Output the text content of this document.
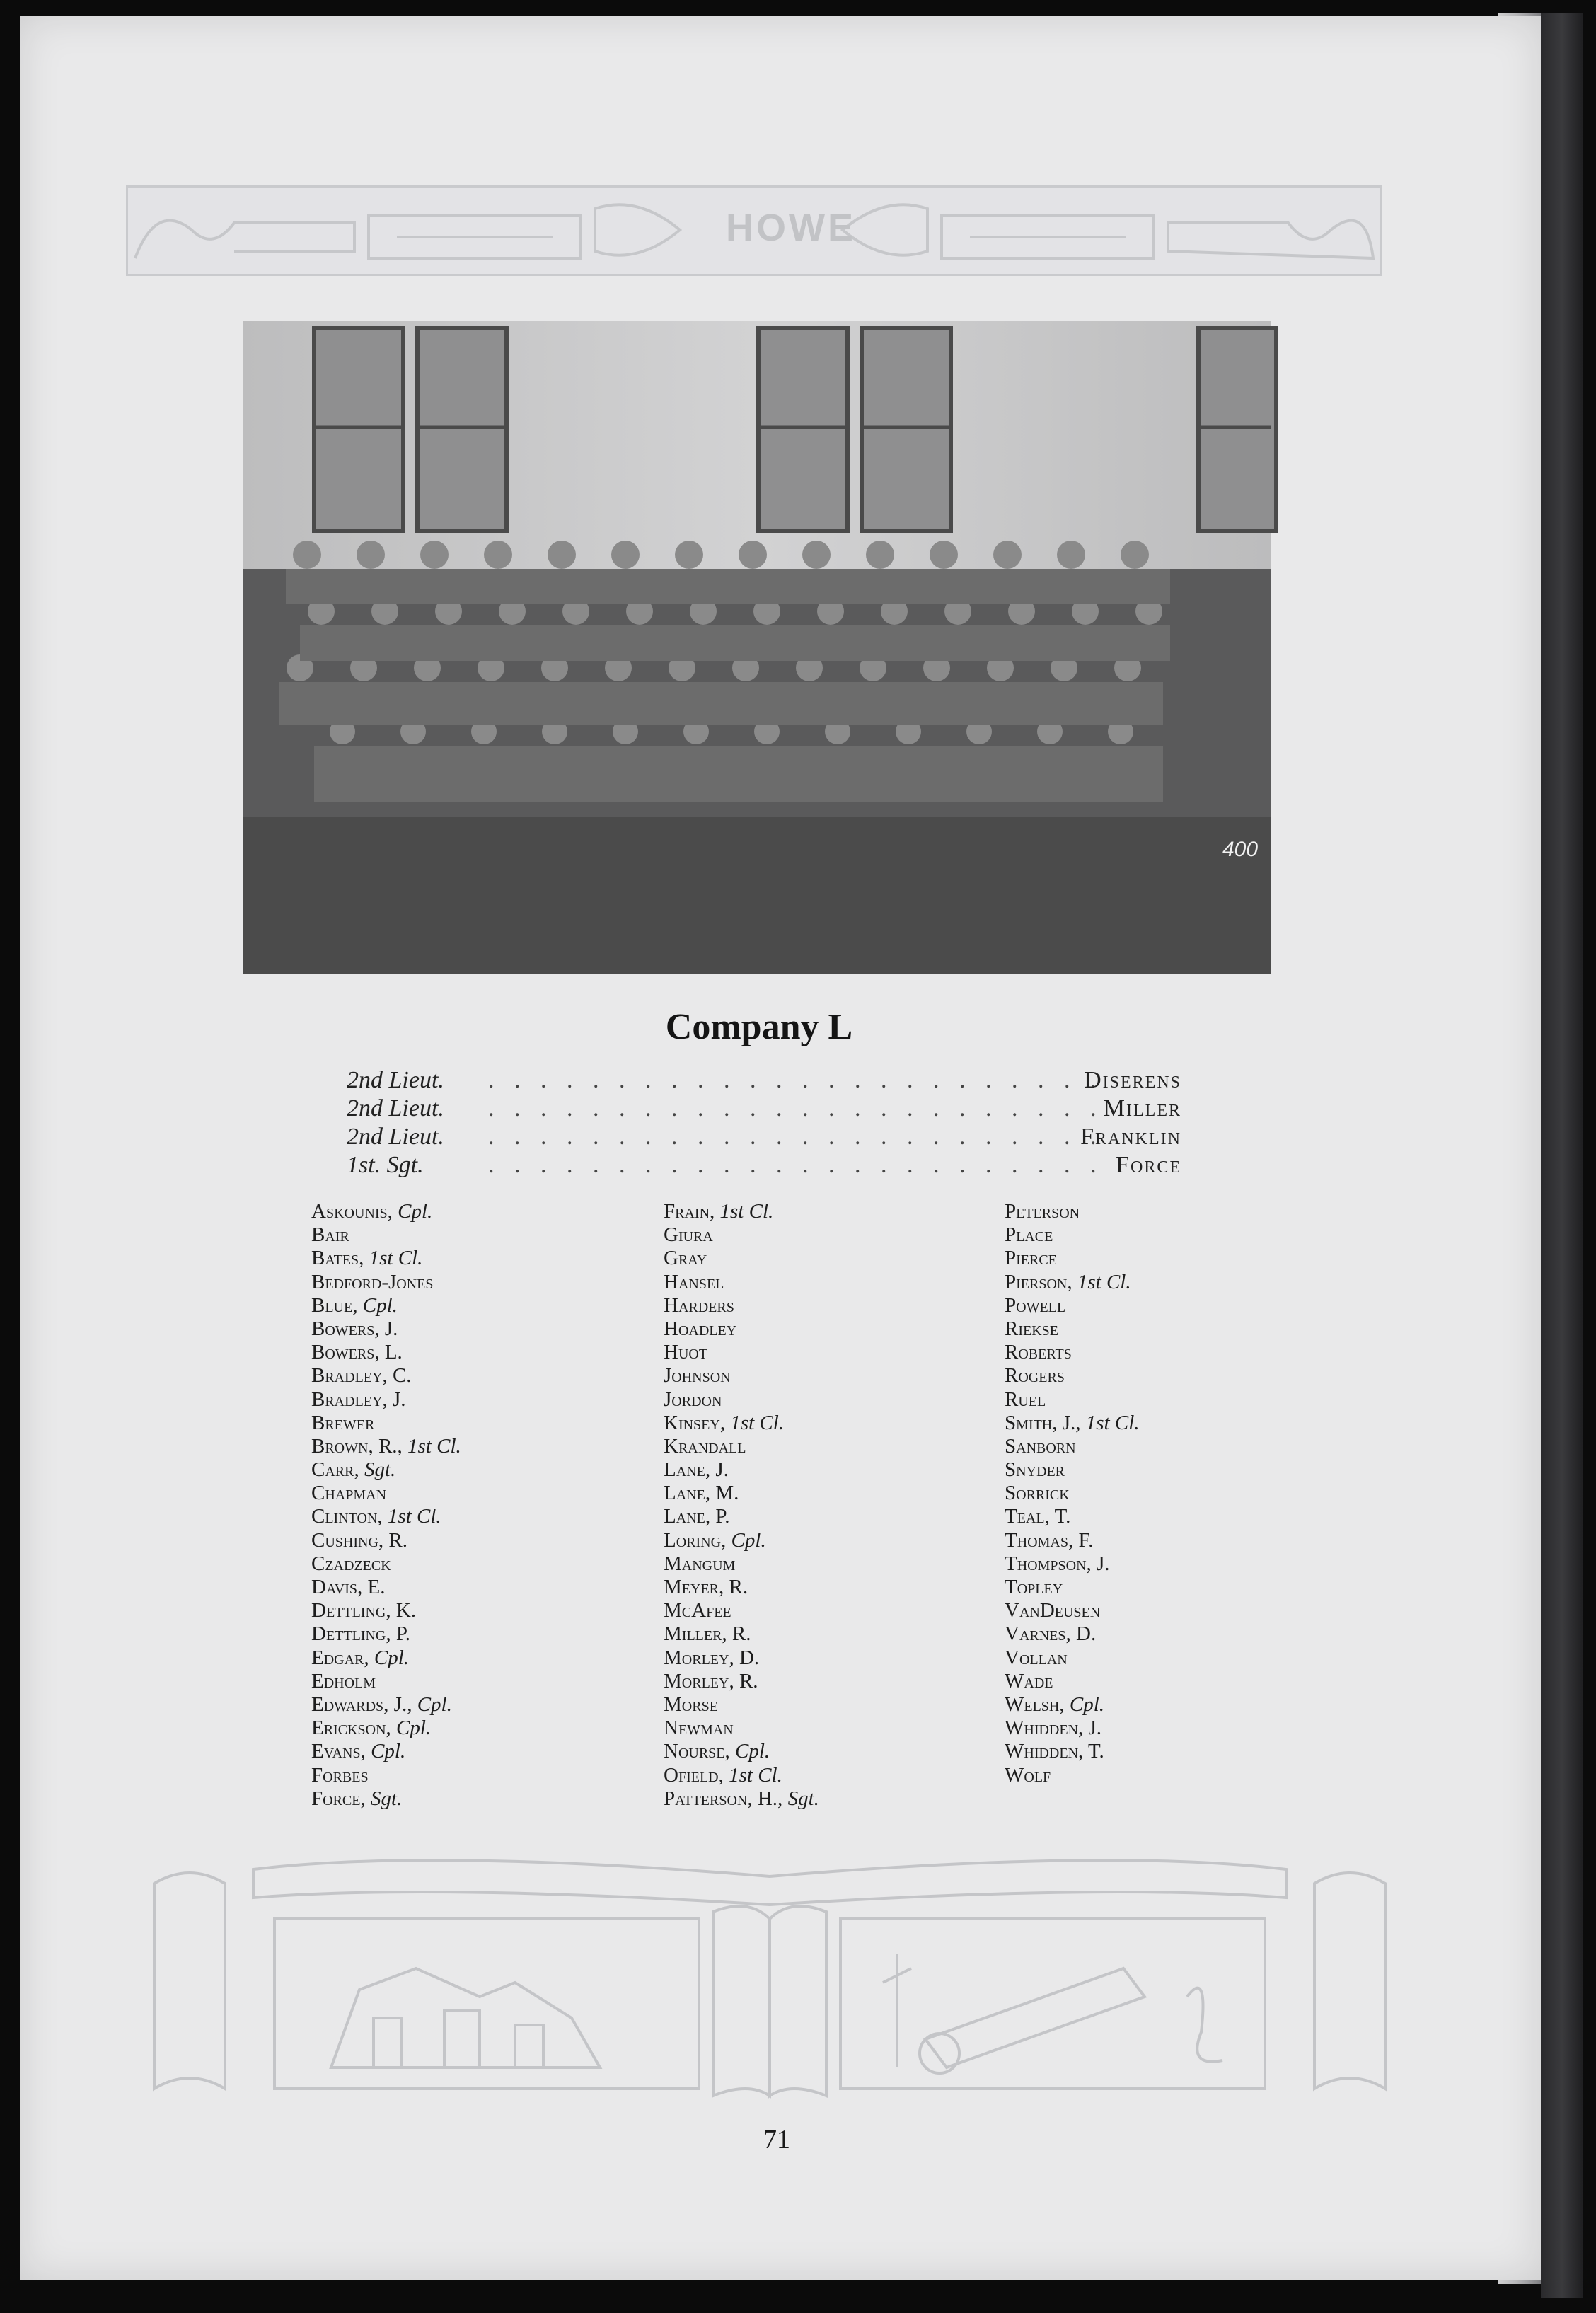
HOWE
400
Company L
2nd Lieut. . . . . . . . . . . . . . . . . . . . . . . . .
Diserens
2nd Lieut. . . . . . . . . . . . . . . . . . . . . . . . . Miller
2nd Lieut. . . . . . . . . . . . . . . . . . . . . . . . .
Franklin
1st. Sgt.	. . . . . . . . . . . . . . . . . . . . . . . . Force
Askounis, Cpl.
Bair
Bates, 1st Cl.
Bedford-Jones
Blue, Cpl.
Bowers, J.
Bowers, L.
Bradley, C.
Bradley, J.
Brewer
Brown, R., 1st Cl.
Carr, Sgt.
Chapman
Clinton, 1st Cl.
Cushing, R.
Czadzeck
Davis, E.
Dettling, K.
Dettling, P.
Edgar, Cpl.
Edholm
Edwards, J., Cpl.
Erickson, Cpl.
Evans, Cpl.
Forbes
Force, Sgt.
Frain, 1st Cl.
Giura
Gray
Hansel
Harders
Hoadley
Huot
Johnson
Jordon
Kinsey, 1st Cl.
Krandall
Lane, J.
Lane, M.
Lane, P.
Loring, Cpl.
Mangum
Meyer, R.
McAfee
Miller, R.
Morley, D.
Morley, R.
Morse
Newman
Nourse, Cpl.
Ofield, 1st Cl.
Patterson, H., Sgt.
Peterson
Place
Pierce
Pierson, 1st Cl.
Powell
Riekse
Roberts
Rogers
Ruel
Smith, J., 1st Cl.
Sanborn
Snyder
Sorrick
Teal, T.
Thomas, F.
Thompson, J.
Topley
VanDeusen
Varnes, D.
Vollan
Wade
Welsh, Cpl.
Whidden, J.
Whidden, T.
Wolf
71
